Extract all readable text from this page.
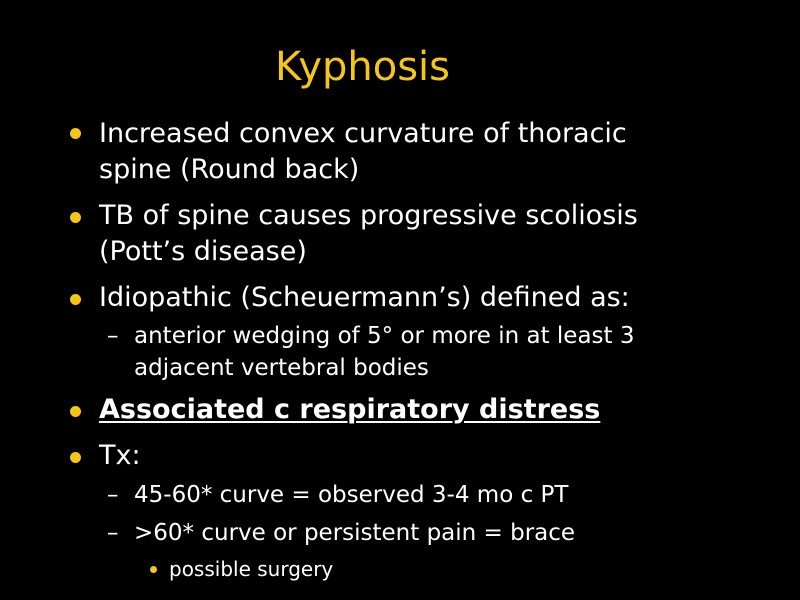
Kyphosis
Increased convex curvature of thoracic
spine (Round back)
TB of spine causes progressive scoliosis
(Pott’s disease)
Idiopathic (Scheuermann’s) defined as:
– anterior wedging of 5° or more in at least 3
adjacent vertebral bodies
Associated c respiratory distress
Tx:
– 45-60* curve = observed 3-4 mo c PT
– >60* curve or persistent pain = brace
possible surgery
